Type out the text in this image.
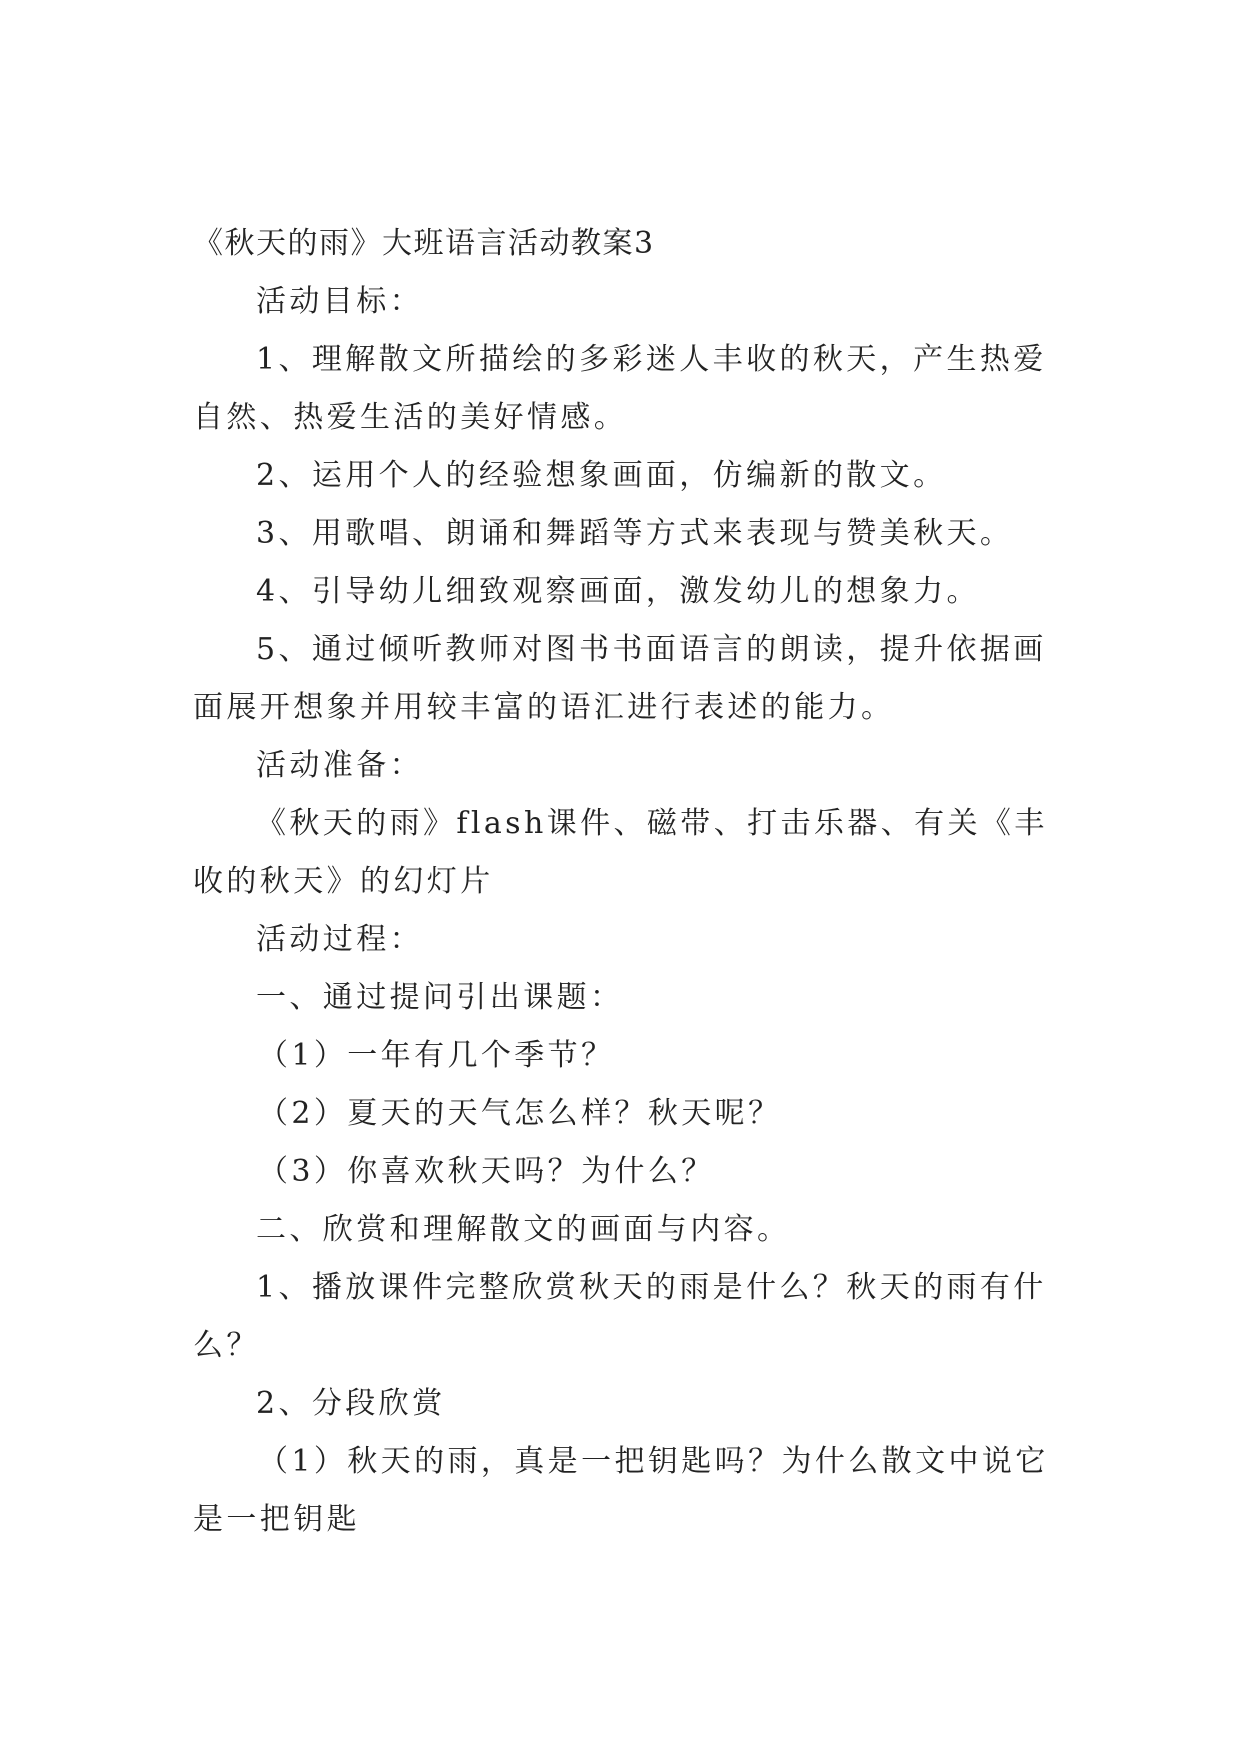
《秋天的雨》大班语言活动教案3
活动目标：
1、理解散文所描绘的多彩迷人丰收的秋天，产生热爱
自然、热爱生活的美好情感。
2、运用个人的经验想象画面，仿编新的散文。
3、用歌唱、朗诵和舞蹈等方式来表现与赞美秋天。
4、引导幼儿细致观察画面，激发幼儿的想象力。
5、通过倾听教师对图书书面语言的朗读，提升依据画
面展开想象并用较丰富的语汇进行表述的能力。
活动准备：
《秋天的雨》flash课件、磁带、打击乐器、有关《丰
收的秋天》的幻灯片
活动过程：
一、通过提问引出课题：
（1）一年有几个季节？
（2）夏天的天气怎么样？秋天呢？
（3）你喜欢秋天吗？为什么？
二、欣赏和理解散文的画面与内容。
1、播放课件完整欣赏秋天的雨是什么？秋天的雨有什
么？
2、分段欣赏
（1）秋天的雨，真是一把钥匙吗？为什么散文中说它
是一把钥匙
